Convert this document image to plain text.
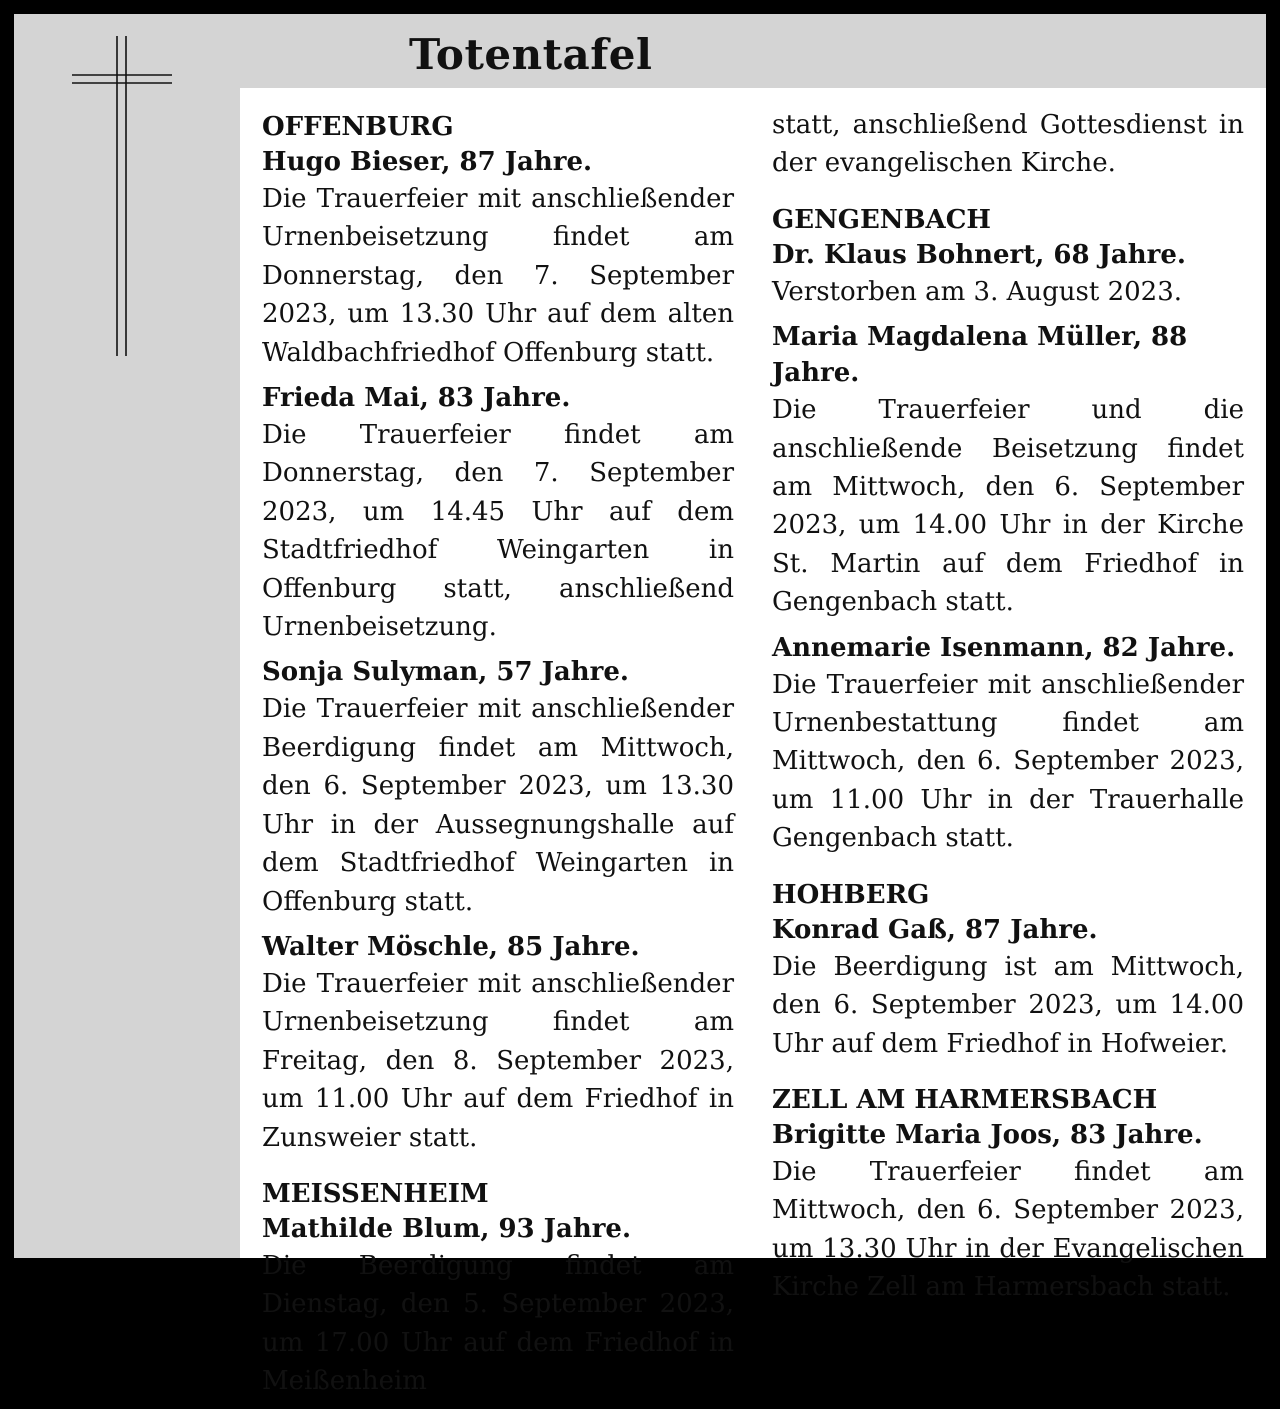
Totentafel

OFFENBURG

Hugo Bieser, 87 Jahre.

Die Trauerfeier mit anschließender Urnenbeisetzung findet am Donnerstag, den 7. September 2023, um 13.30 Uhr auf dem alten Waldbachfriedhof Offenburg statt.

Frieda Mai, 83 Jahre.

Die Trauerfeier findet am Donnerstag, den 7. September 2023, um 14.45 Uhr auf dem Stadtfriedhof Weingarten in Offenburg statt, anschließend Urnenbeisetzung.

Sonja Sulyman, 57 Jahre.

Die Trauerfeier mit anschließender Beerdigung findet am Mittwoch, den 6. September 2023, um 13.30 Uhr in der Aussegnungshalle auf dem Stadtfriedhof Weingarten in Offenburg statt.

Walter Möschle, 85 Jahre.

Die Trauerfeier mit anschließender Urnenbeisetzung findet am Freitag, den 8. September 2023, um 11.00 Uhr auf dem Friedhof in Zunsweier statt.

MEISSENHEIM

Mathilde Blum, 93 Jahre.

Die Beerdigung findet am Dienstag, den 5. September 2023, um 17.00 Uhr auf dem Friedhof in Meißenheim

statt, anschließend Gottesdienst in der evangelischen Kirche.

GENGENBACH

Dr. Klaus Bohnert, 68 Jahre.

Verstorben am 3. August 2023.

Maria Magdalena Müller, 88 Jahre.

Die Trauerfeier und die anschließende Beisetzung findet am Mittwoch, den 6. September 2023, um 14.00 Uhr in der Kirche St. Martin auf dem Friedhof in Gengenbach statt.

Annemarie Isenmann, 82 Jahre.

Die Trauerfeier mit anschließender Urnenbestattung findet am Mittwoch, den 6. September 2023, um 11.00 Uhr in der Trauerhalle Gengenbach statt.

HOHBERG

Konrad Gaß, 87 Jahre.

Die Beerdigung ist am Mittwoch, den 6. September 2023, um 14.00 Uhr auf dem Friedhof in Hofweier.

ZELL AM HARMERSBACH

Brigitte Maria Joos, 83 Jahre.

Die Trauerfeier findet am Mittwoch, den 6. September 2023, um 13.30 Uhr in der Evangelischen Kirche Zell am Harmersbach statt.
